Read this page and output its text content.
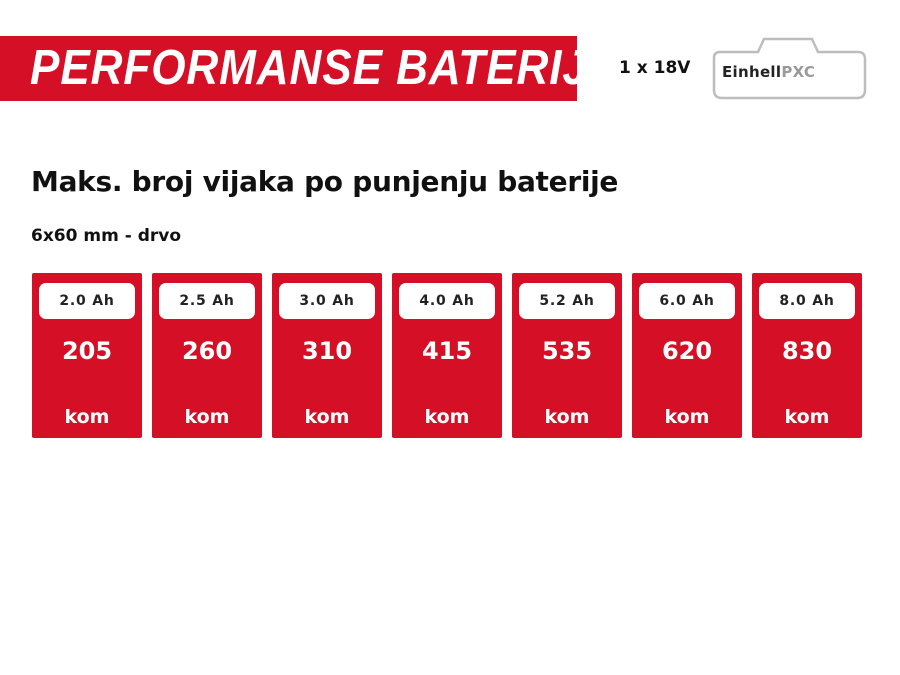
PERFORMANSE BATERIJA
1 x 18V EinhellPXC
Maks. broj vijaka po punjenju baterije
6x60 mm - drvo
2.0 Ah
205
kom
2.5 Ah
260
kom
3.0 Ah
310
kom
4.0 Ah
415
kom
5.2 Ah
535
kom
6.0 Ah
620
kom
8.0 Ah
830
kom
